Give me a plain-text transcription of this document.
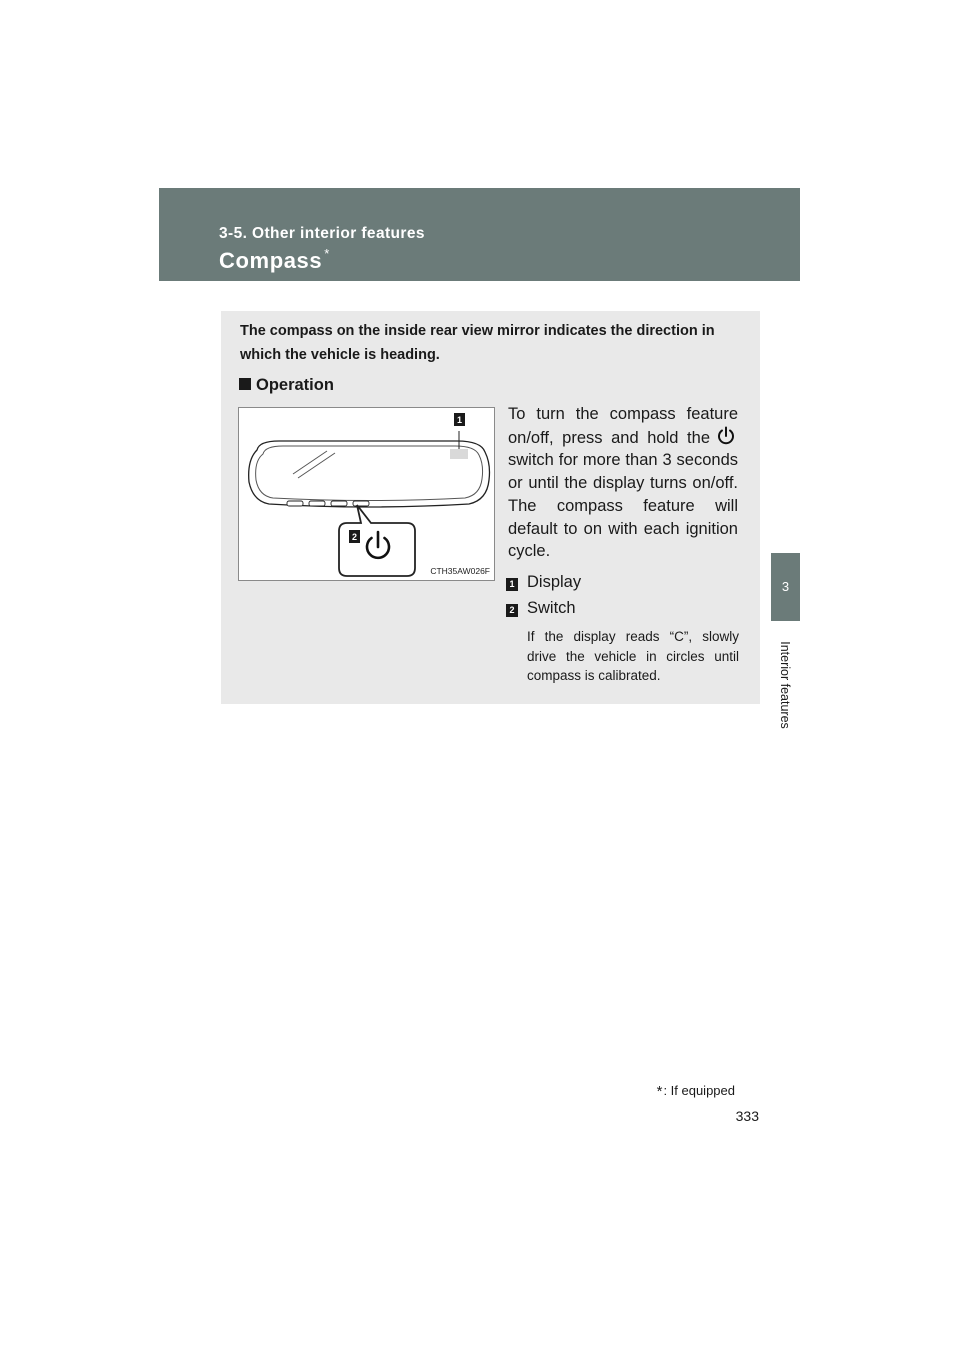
3-5. Other interior features
Compass *
3
Interior features
The compass on the inside rear view mirror indicates the direction in which the vehicle is heading.
Operation
1
2
CTH35AW026F
To turn the compass feature on/off, press and hold the switch for more than 3 seconds or until the display turns on/off. The compass feature will default to on with each ignition cycle.
1 Display
2 Switch
If the display reads “C”, slowly drive the vehicle in circles until compass is calibrated.
*: If equipped
333
